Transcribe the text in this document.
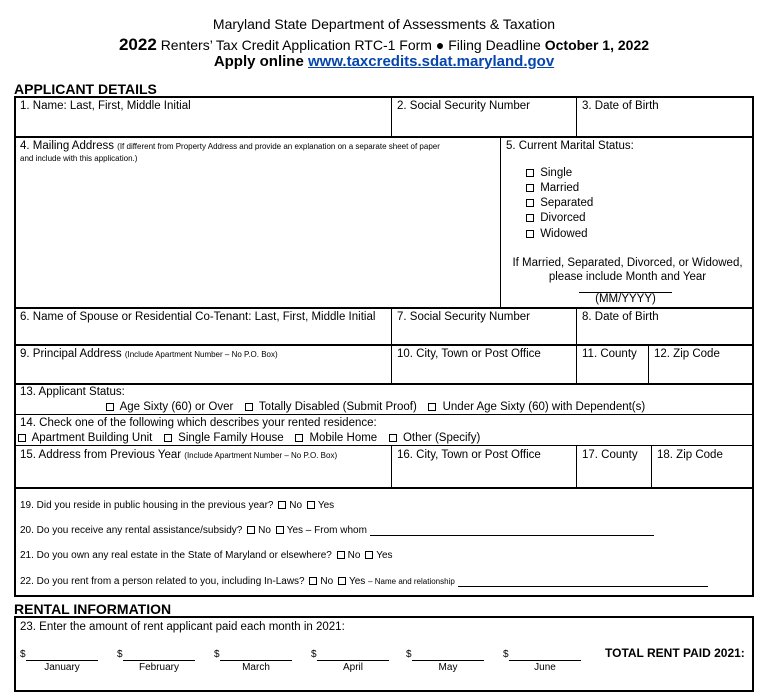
Maryland State Department of Assessments & Taxation
2022 Renters’ Tax Credit Application RTC-1 Form ● Filing Deadline October 1, 2022
Apply online www.taxcredits.sdat.maryland.gov
APPLICANT DETAILS
1. Name: Last, First, Middle Initial	2. Social Security Number	3. Date of Birth
4. Mailing Address (If different from Property Address and provide an explanation on a separate sheet of paper
and include with this application.)
5. Current Marital Status:
Single
Married
Separated
Divorced
Widowed
If Married, Separated, Divorced, or Widowed,
please include Month and Year
(MM/YYYY)
6. Name of Spouse or Residential Co-Tenant: Last, First, Middle Initial 7. Social Security Number	8. Date of Birth
9. Principal Address (Include Apartment Number – No P.O. Box)	10. City, Town or Post Office	11. County 12. Zip Code
13. Applicant Status:
Age Sixty (60) or Over Totally Disabled (Submit Proof) Under Age Sixty (60) with Dependent(s)
14. Check one of the following which describes your rented residence:
Apartment Building Unit Single Family House Mobile Home Other (Specify)
15. Address from Previous Year (Include Apartment Number – No P.O. Box)	16. City, Town or Post Office	17. County 18. Zip Code
19. Did you reside in public housing in the previous year? No Yes
20. Do you receive any rental assistance/subsidy? No Yes – From whom
21. Do you own any real estate in the State of Maryland or elsewhere? No Yes
22. Do you rent from a person related to you, including In-Laws? No Yes – Name and relationship
RENTAL INFORMATION
23. Enter the amount of rent applicant paid each month in 2021:
$
January
$
February
$
March
$
April
$
May
$
June
TOTAL RENT PAID 2021:
